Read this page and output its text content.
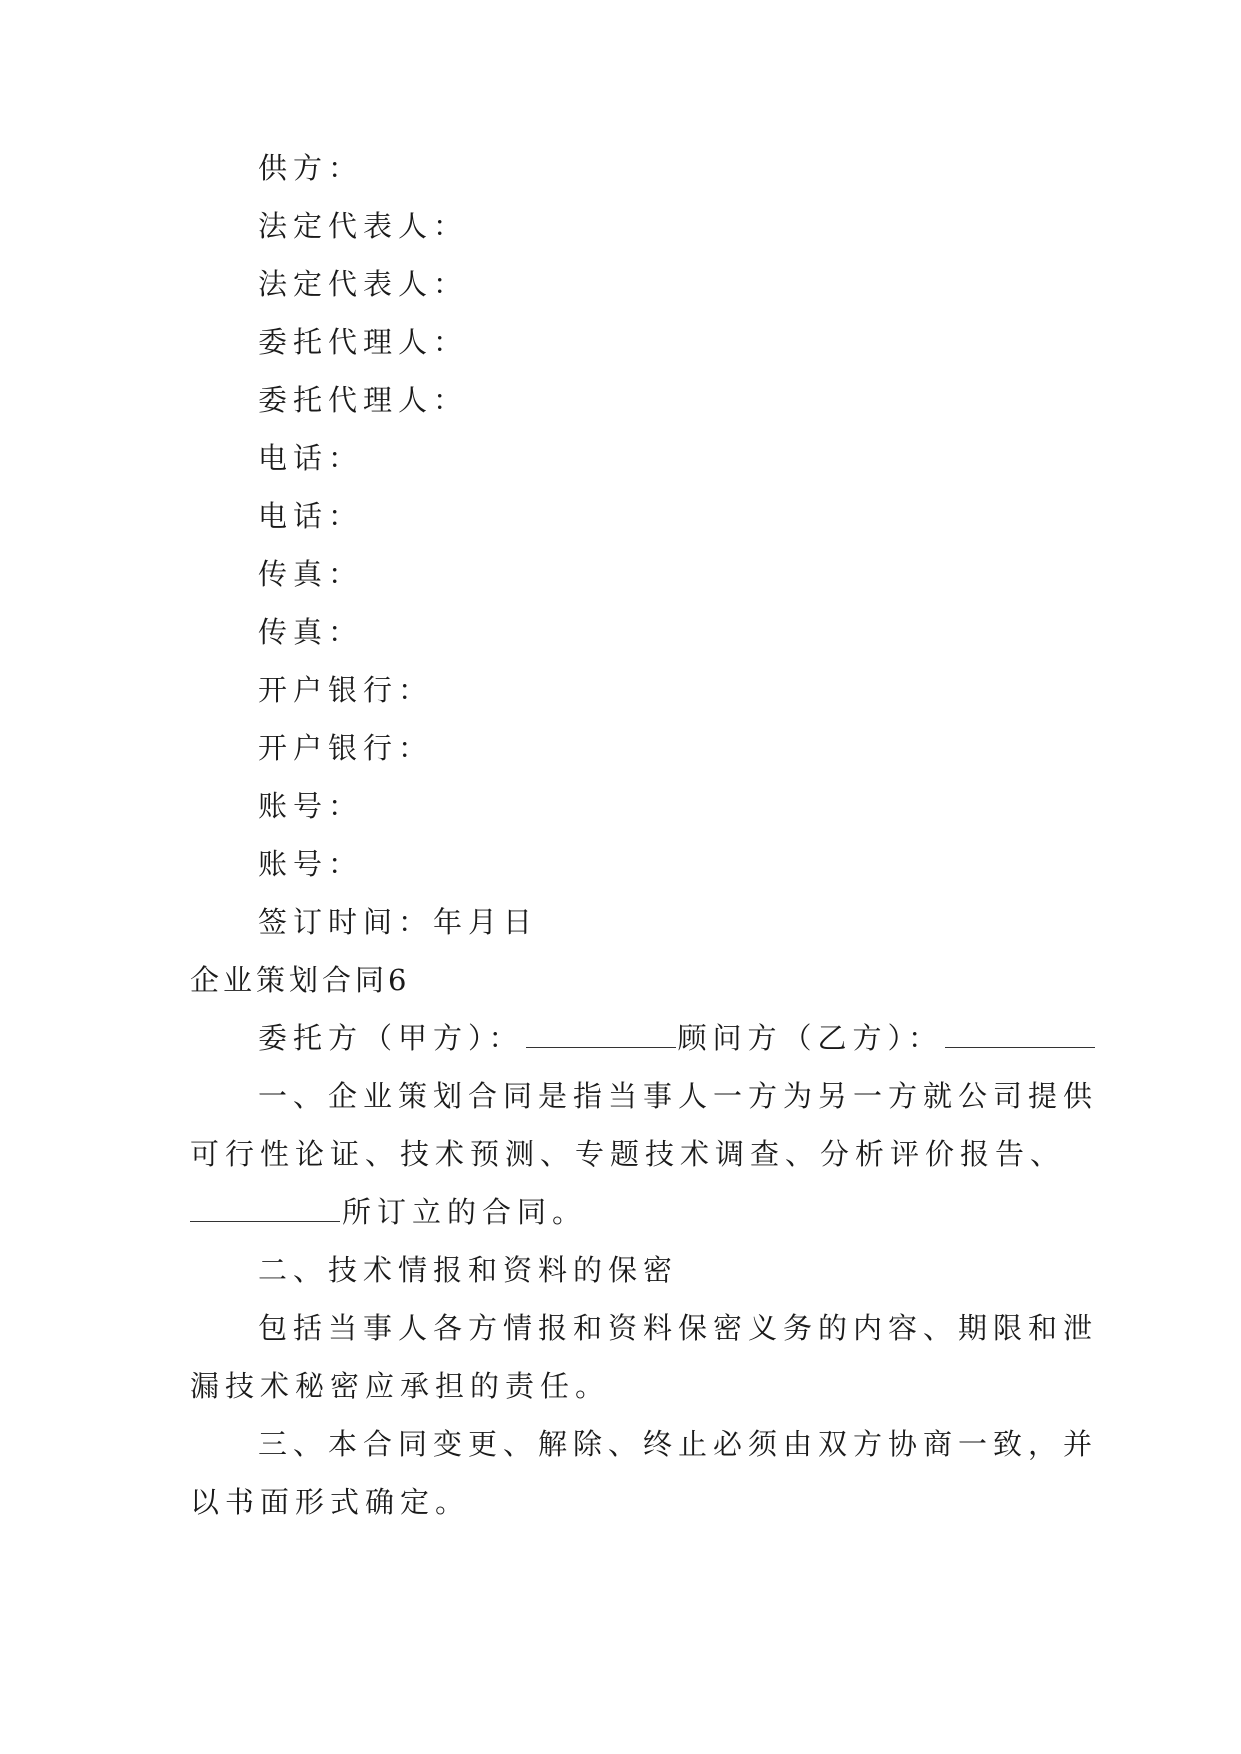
供方：
法定代表人：
法定代表人：
委托代理人：
委托代理人：
电话：
电话：
传真：
传真：
开户银行：
开户银行：
账号：
账号：
签订时间：年月日
企业策划合同6
委托方（甲方）：	顾问方（乙方）：
一、企业策划合同是指当事人一方为另一方就公司提供
可行性论证、技术预测、专题技术调查、分析评价报告、
所订立的合同。
二、技术情报和资料的保密
包括当事人各方情报和资料保密义务的内容、期限和泄
漏技术秘密应承担的责任。
三、本合同变更、解除、终止必须由双方协商一致，并
以书面形式确定。
